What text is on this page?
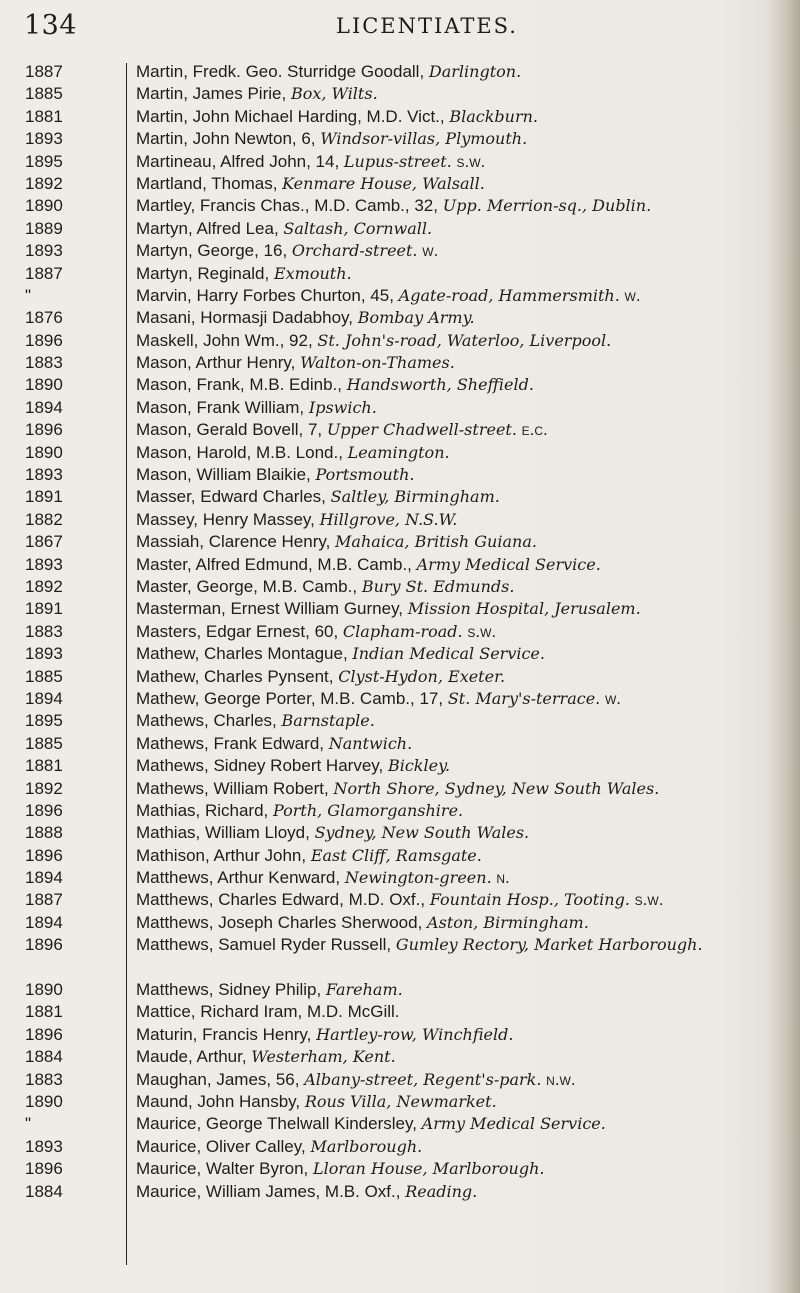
134	LICENTIATES.
1887	Martin, Fredk. Geo. Sturridge Goodall, Darlington.
1885	Martin, James Pirie, Box, Wilts.
1881	Martin, John Michael Harding, M.D. Vict., Blackburn.
1893	Martin, John Newton, 6, Windsor-villas, Plymouth.
1895	Martineau, Alfred John, 14, Lupus-street. s.w.
1892	Martland, Thomas, Kenmare House, Walsall.
1890	Martley, Francis Chas., M.D. Camb., 32, Upp. Merrion-sq., Dublin.
1889	Martyn, Alfred Lea, Saltash, Cornwall.
1893	Martyn, George, 16, Orchard-street. w.
1887	Martyn, Reginald, Exmouth.
"	Marvin, Harry Forbes Churton, 45, Agate-road, Hammersmith. w.
1876	Masani, Hormasji Dadabhoy, Bombay Army.
1896	Maskell, John Wm., 92, St. John's-road, Waterloo, Liverpool.
1883	Mason, Arthur Henry, Walton-on-Thames.
1890	Mason, Frank, M.B. Edinb., Handsworth, Sheffield.
1894	Mason, Frank William, Ipswich.
1896	Mason, Gerald Bovell, 7, Upper Chadwell-street. e.c.
1890	Mason, Harold, M.B. Lond., Leamington.
1893	Mason, William Blaikie, Portsmouth.
1891	Masser, Edward Charles, Saltley, Birmingham.
1882	Massey, Henry Massey, Hillgrove, N.S.W.
1867	Massiah, Clarence Henry, Mahaica, British Guiana.
1893	Master, Alfred Edmund, M.B. Camb., Army Medical Service.
1892	Master, George, M.B. Camb., Bury St. Edmunds.
1891	Masterman, Ernest William Gurney, Mission Hospital, Jerusalem.
1883	Masters, Edgar Ernest, 60, Clapham-road. s.w.
1893	Mathew, Charles Montague, Indian Medical Service.
1885	Mathew, Charles Pynsent, Clyst-Hydon, Exeter.
1894	Mathew, George Porter, M.B. Camb., 17, St. Mary's-terrace. w.
1895	Mathews, Charles, Barnstaple.
1885	Mathews, Frank Edward, Nantwich.
1881	Mathews, Sidney Robert Harvey, Bickley.
1892	Mathews, William Robert, North Shore, Sydney, New South Wales.
1896	Mathias, Richard, Porth, Glamorganshire.
1888	Mathias, William Lloyd, Sydney, New South Wales.
1896	Mathison, Arthur John, East Cliff, Ramsgate.
1894	Matthews, Arthur Kenward, Newington-green. n.
1887	Matthews, Charles Edward, M.D. Oxf., Fountain Hosp., Tooting. s.w.
1894	Matthews, Joseph Charles Sherwood, Aston, Birmingham.
1896	Matthews, Samuel Ryder Russell, Gumley Rectory, Market Harborough.
1890	Matthews, Sidney Philip, Fareham.
1881	Mattice, Richard Iram, M.D. McGill.
1896	Maturin, Francis Henry, Hartley-row, Winchfield.
1884	Maude, Arthur, Westerham, Kent.
1883	Maughan, James, 56, Albany-street, Regent's-park. n.w.
1890	Maund, John Hansby, Rous Villa, Newmarket.
"	Maurice, George Thelwall Kindersley, Army Medical Service.
1893	Maurice, Oliver Calley, Marlborough.
1896	Maurice, Walter Byron, Lloran House, Marlborough.
1884	Maurice, William James, M.B. Oxf., Reading.
